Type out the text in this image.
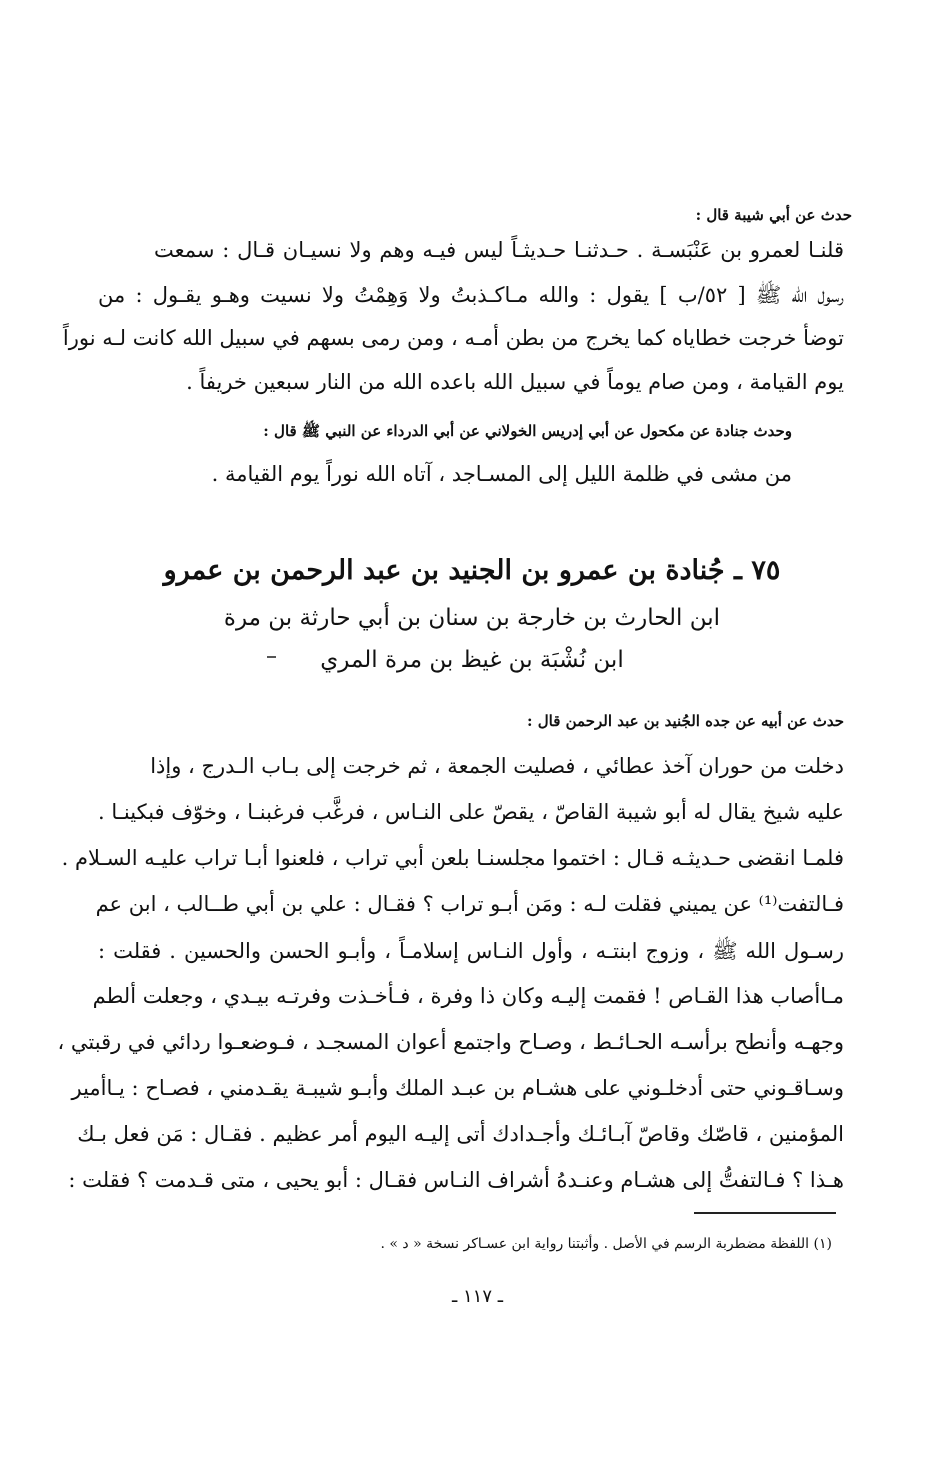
حدث عن أبي شيبة قال :
قلنـا لعمرو بن عَنْبَسـة . حـدثنـا حـديثـاً ليس فيـه وهم ولا نسيـان قـال : سمعت
رسول الله ﷺ [ ٥٢/ب ] يقول : والله مـاكـذبتُ ولا وَهِمْتُ ولا نسيت وهـو يقـول : من
توضأ خرجت خطاياه كما يخرج من بطن أمـه ، ومن رمى بسهم في سبيل الله كانت لـه نوراً
يوم القيامة ، ومن صام يوماً في سبيل الله باعده الله من النار سبعين خريفاً .
وحدث جنادة عن مكحول عن أبي إدريس الخولاني عن أبي الدرداء عن النبي ﷺ قال :
من مشى في ظلمة الليل إلى المسـاجد ، آتاه الله نوراً يوم القيامة .
٧٥ ـ جُنادة بن عمرو بن الجنيد بن عبد الرحمن بن عمرو
ابن الحارث بن خارجة بن سنان بن أبي حارثة بن مرة
ابن نُشْبَة بن غيظ بن مرة المري
حدث عن أبيه عن جده الجُنيد بن عبد الرحمن قال :
دخلت من حوران آخذ عطائي ، فصليت الجمعة ، ثم خرجت إلى بـاب الـدرج ، وإذا
عليه شيخ يقال له أبو شيبة القاصّ ، يقصّ على النـاس ، فرغَّب فرغبنـا ، وخوّف فبكينـا .
فلمـا انقضى حـديثـه قـال : اختموا مجلسنـا بلعن أبي تراب ، فلعنوا أبـا تراب عليـه السـلام .
فـالتفت⁽¹⁾ عن يميني فقلت لـه : ومَن أبـو تراب ؟ فقـال : علي بن أبي طــالب ، ابن عم
رسـول الله ﷺ ، وزوج ابنتـه ، وأول النـاس إسلامـاً ، وأبـو الحسن والحسين . فقلت :
مـاأصاب هذا القـاص ! فقمت إليـه وكان ذا وفرة ، فـأخـذت وفرتـه بيـدي ، وجعلت ألطم
وجهـه وأنطح برأسـه الحـائـط ، وصـاح واجتمع أعوان المسجـد ، فـوضعـوا ردائي في رقبتي ،
وسـاقـوني حتى أدخلـوني على هشـام بن عبـد الملك وأبـو شيبـة يقـدمني ، فصـاح : يـاأمير
المؤمنين ، قاصّك وقاصّ آبـائـك وأجـدادك أتى إليـه اليوم أمر عظيم . فقـال : مَن فعل بـك
هـذا ؟ فـالتفتُّ إلى هشـام وعنـدهُ أشراف النـاس فقـال : أبو يحيى ، متى قـدمت ؟ فقلت :
(١) اللفظة مضطربة الرسم في الأصل . وأثبتنا رواية ابن عسـاكر نسخة « د » .
ـ ١١٧ ـ
